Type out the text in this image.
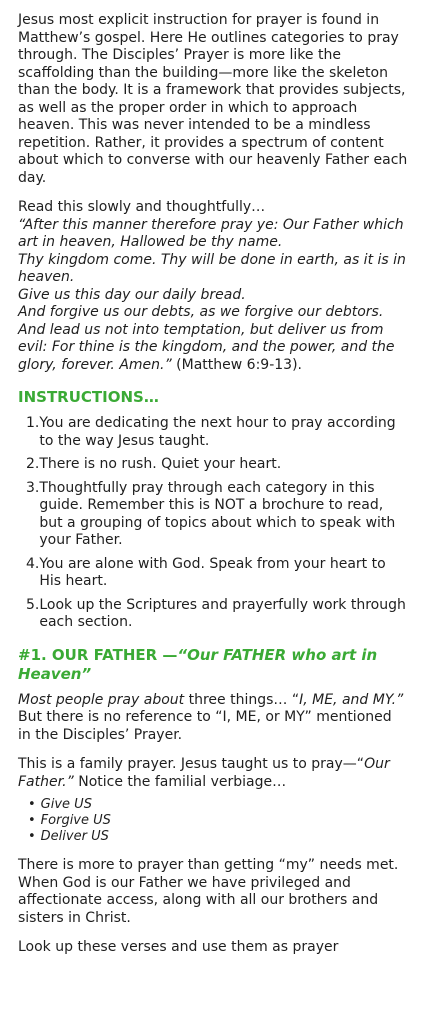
Jesus most explicit instruction for prayer is found in Matthew’s gospel. Here He outlines categories to pray through. The Disciples’ Prayer is more like the scaffolding than the building—more like the skeleton than the body. It is a framework that provides subjects, as well as the proper order in which to approach heaven. This was never intended to be a mindless repetition. Rather, it provides a spectrum of content about which to converse with our heavenly Father each day.

Read this slowly and thoughtfully…

“After this manner therefore pray ye: Our Father which art in heaven, Hallowed be thy name.
Thy kingdom come. Thy will be done in earth, as it is in heaven.
Give us this day our daily bread.
And forgive us our debts, as we forgive our debtors.
And lead us not into temptation, but deliver us from evil: For thine is the kingdom, and the power, and the glory, forever. Amen.” (Matthew 6:9-13).

INSTRUCTIONS…
1. You are dedicating the next hour to pray according to the way Jesus taught.
2. There is no rush. Quiet your heart.
3. Thoughtfully pray through each category in this guide. Remember this is NOT a brochure to read, but a grouping of topics about which to speak with your Father.
4. You are alone with God. Speak from your heart to His heart.
5. Look up the Scriptures and prayerfully work through each section.
#1. OUR FATHER —“Our FATHER who art in Heaven”

Most people pray about three things… “I, ME, and MY.” But there is no reference to “I, ME, or MY” mentioned in the Disciples’ Prayer.

This is a family prayer. Jesus taught us to pray—“Our Father.” Notice the familial verbiage…

• Give US
• Forgive US
• Deliver US

There is more to prayer than getting “my” needs met. When God is our Father we have privileged and affectionate access, along with all our brothers and sisters in Christ.

Look up these verses and use them as prayer
